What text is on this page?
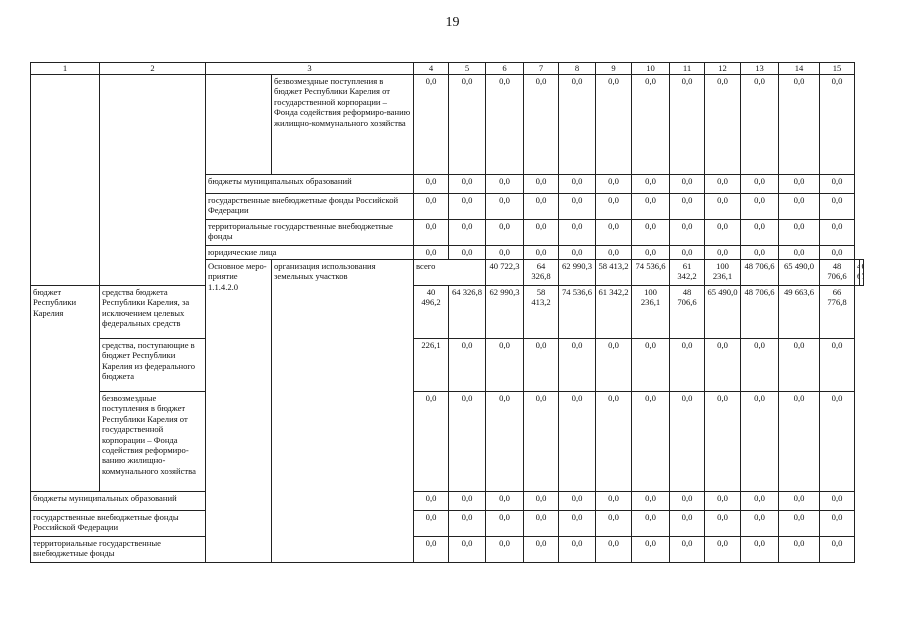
19
1	2	3		4	5	6	7	8	9	10	11	12	13	14	15		
			безвозмездные поступления в бюджет Республики Карелия от государственной корпорации – Фонда содействия реформиро-ванию жилищно-коммунального хозяйства	0,0	0,0	0,0	0,0	0,0	0,0	0,0	0,0	0,0	0,0	0,0	0,0		
		бюджеты муниципальных образований		0,0	0,0	0,0	0,0	0,0	0,0	0,0	0,0	0,0	0,0	0,0	0,0		
		государственные внебюджетные фонды Российской Федерации		0,0	0,0	0,0	0,0	0,0	0,0	0,0	0,0	0,0	0,0	0,0	0,0		
		территориальные государственные внебюджетные фонды		0,0	0,0	0,0	0,0	0,0	0,0	0,0	0,0	0,0	0,0	0,0	0,0		
		юридические лица		0,0	0,0	0,0	0,0	0,0	0,0	0,0	0,0	0,0	0,0	0,0	0,0		
		Основное меро-приятие 1.1.4.2.0	организация использования земельных участков	всего		40 722,3	64 326,8	62 990,3	58 413,2	74 536,6	61 342,2	100 236,1	48 706,6	65 490,0	48 706,6		
бюджет Республики Карелия	средства бюджета Республики Карелия, за исключением целевых федеральных средств			40 496,2	64 326,8	62 990,3	58 413,2	74 536,6	61 342,2	100 236,1	48 706,6	65 490,0	48 706,6	49 663,6	66 776,8		
	средства, поступающие в бюджет Республики Карелия из федерального бюджета			226,1	0,0	0,0	0,0	0,0	0,0	0,0	0,0	0,0	0,0	0,0	0,0		
	безвозмездные поступления в бюджет Республики Карелия от государственной корпорации – Фонда содействия реформиро-ванию жилищно-коммунального хозяйства			0,0	0,0	0,0	0,0	0,0	0,0	0,0	0,0	0,0	0,0	0,0	0,0		
бюджеты муниципальных образований				0,0	0,0	0,0	0,0	0,0	0,0	0,0	0,0	0,0	0,0	0,0	0,0		
государственные внебюджетные фонды Российской Федерации				0,0	0,0	0,0	0,0	0,0	0,0	0,0	0,0	0,0	0,0	0,0	0,0		
территориальные государственные внебюджетные фонды				0,0	0,0	0,0	0,0	0,0	0,0	0,0	0,0	0,0	0,0	0,0	0,0		
